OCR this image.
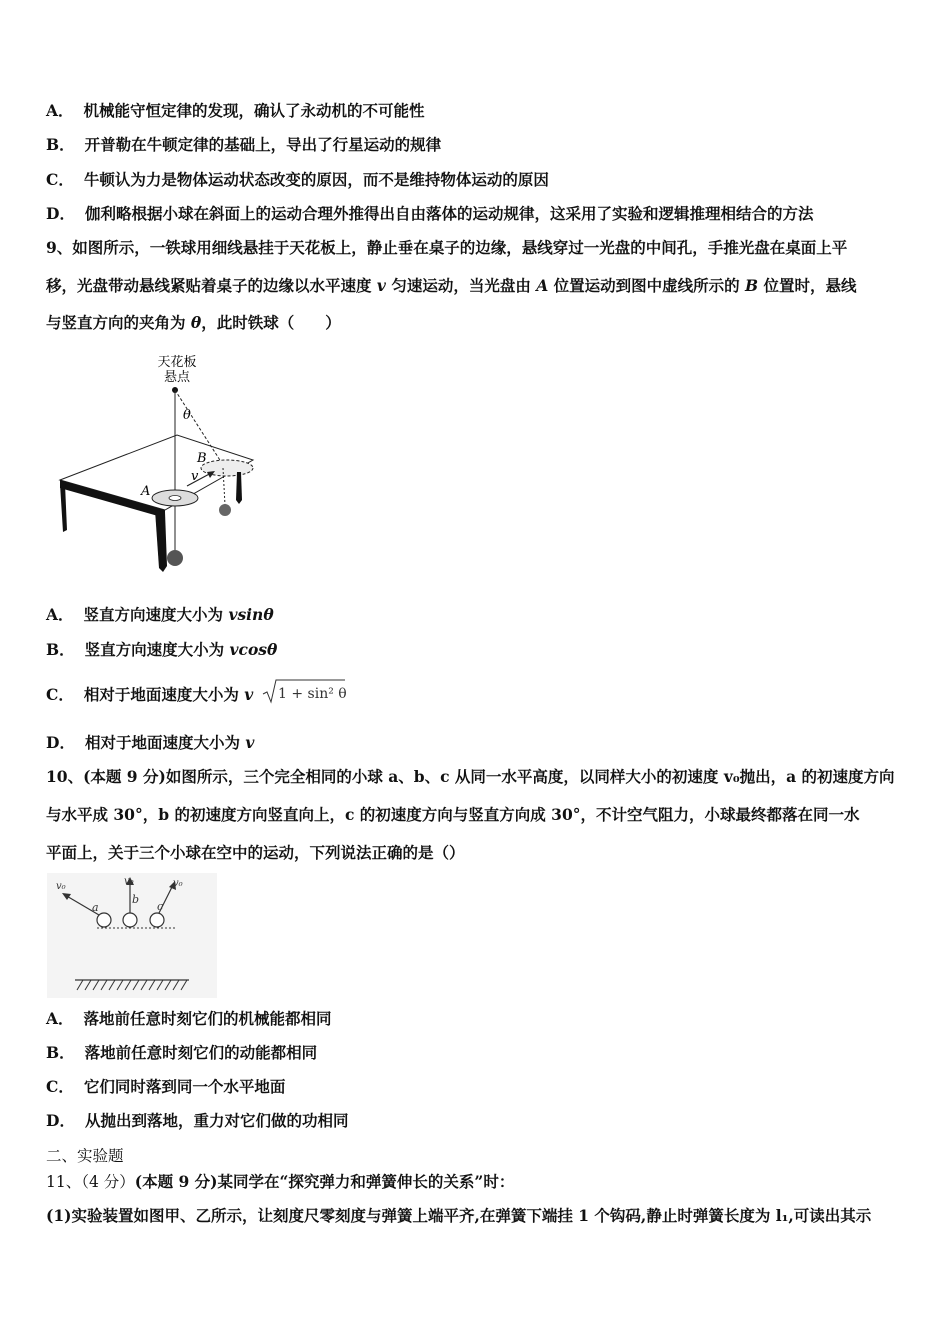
A． 机械能守恒定律的发现，确认了永动机的不可能性
B． 开普勒在牛顿定律的基础上，导出了行星运动的规律
C． 牛顿认为力是物体运动状态改变的原因，而不是维持物体运动的原因
D． 伽利略根据小球在斜面上的运动合理外推得出自由落体的运动规律，这采用了实验和逻辑推理相结合的方法
9、如图所示，一铁球用细线悬挂于天花板上，静止垂在桌子的边缘，悬线穿过一光盘的中间孔，手推光盘在桌面上平
移，光盘带动悬线紧贴着桌子的边缘以水平速度 v 匀速运动，当光盘由 A 位置运动到图中虚线所示的 B 位置时，悬线
与竖直方向的夹角为 θ，此时铁球（　　）
天花板
悬点
θ
A
B
v
A． 竖直方向速度大小为 vsinθ
B． 竖直方向速度大小为 vcosθ
C． 相对于地面速度大小为 v 1 + sin² θ
D． 相对于地面速度大小为 v
10、(本题 9 分)如图所示，三个完全相同的小球 a、b、c 从同一水平高度，以同样大小的初速度 v₀抛出，a 的初速度方向
与水平成 30°，b 的初速度方向竖直向上，c 的初速度方向与竖直方向成 30°，不计空气阻力，小球最终都落在同一水
平面上，关于三个小球在空中的运动，下列说法正确的是（）
v₀	v₀	v₀
a
b
c
A． 落地前任意时刻它们的机械能都相同
B． 落地前任意时刻它们的动能都相同
C． 它们同时落到同一个水平地面
D． 从抛出到落地，重力对它们做的功相同
二、实验题
11、（4 分）(本题 9 分)某同学在“探究弹力和弹簧伸长的关系”时：
(1)实验装置如图甲、乙所示，让刻度尺零刻度与弹簧上端平齐,在弹簧下端挂 1 个钩码,静止时弹簧长度为 l₁,可读出其示
